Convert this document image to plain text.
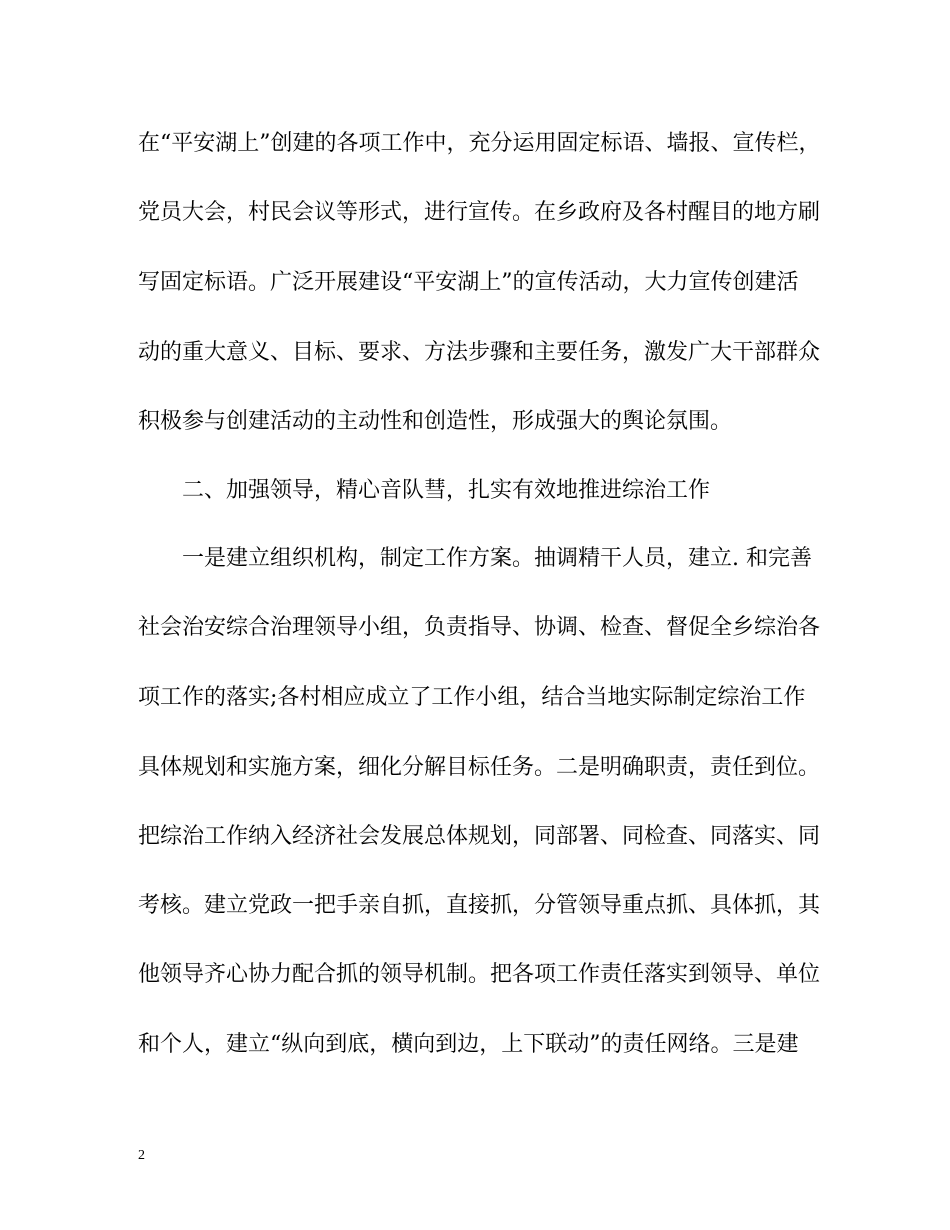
在“平安湖上”创建的各项工作中，充分运用固定标语、墙报、宣传栏，
党员大会，村民会议等形式，进行宣传。在乡政府及各村醒目的地方刷
写固定标语。广泛开展建设“平安湖上”的宣传活动，大力宣传创建活
动的重大意义、目标、要求、方法步骤和主要任务，激发广大干部群众
积极参与创建活动的主动性和创造性，形成强大的舆论氛围。
二、加强领导，精心音队彗，扎实有效地推进综治工作
一是建立组织机构，制定工作方案。抽调精干人员，建立. 和完善
社会治安综合治理领导小组，负责指导、协调、检查、督促全乡综治各
项工作的落实;各村相应成立了工作小组，结合当地实际制定综治工作
具体规划和实施方案，细化分解目标任务。二是明确职责，责任到位。
把综治工作纳入经济社会发展总体规划，同部署、同检查、同落实、同
考核。建立党政一把手亲自抓，直接抓，分管领导重点抓、具体抓，其
他领导齐心协力配合抓的领导机制。把各项工作责任落实到领导、单位
和个人，建立“纵向到底，横向到边，上下联动”的责任网络。三是建
2
